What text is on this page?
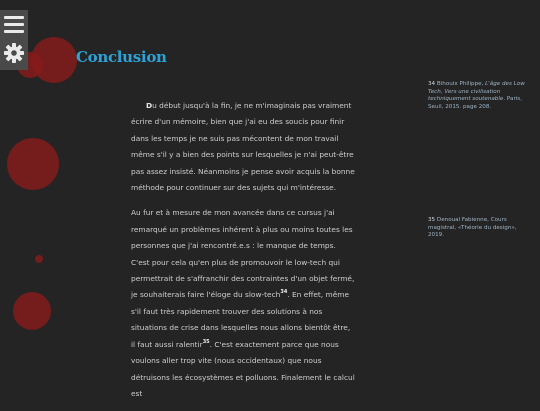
Conclusion

Du début jusqu'à la fin, je ne m'imaginais pas vraiment écrire d'un mémoire, bien que j'ai eu des soucis pour finir dans les temps je ne suis pas mécontent de mon travail même s'il y a bien des points sur lesquelles je n'ai peut-être pas assez insisté. Néanmoins je pense avoir acquis la bonne méthode pour continuer sur des sujets qui m'intéresse.

Au fur et à mesure de mon avancée dans ce cursus j'ai remarqué un problèmes inhérent à plus ou moins toutes les personnes que j'ai rencontré.e.s : le manque de temps. C'est pour cela qu'en plus de promouvoir le low-tech qui permettrait de s'affranchir des contraintes d'un objet fermé, je souhaiterais faire l'éloge du slow-tech$^{34}$. En effet, même s'il faut très rapidement trouver des solutions à nos situations de crise dans lesquelles nous allons bientôt être, il faut aussi ralentir$^{35}$. C'est exactement parce que nous voulons aller trop vite (nous occidentaux) que nous détruisons les écosystèmes et polluons. Finalement le calcul est

34 Bihouix Philippe, L'âge des Low Tech, Vers une civilisation techniquement soutenable. Paris, Seuil, 2015. page 208.
35 Denoual Fabienne, Cours magistral, «Théorie du design», 2019.
